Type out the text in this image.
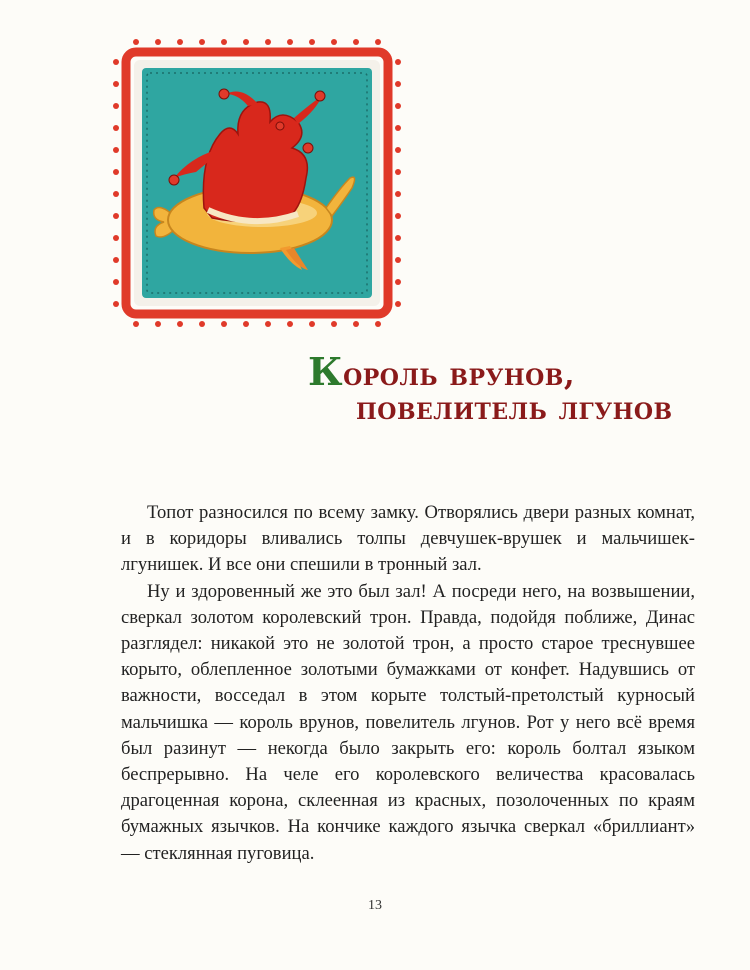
Король врунов,
повелитель лгунов

Топот разносился по всему замку. Отворялись двери разных комнат, и в коридоры вливались толпы девчушек-врушек и мальчишек-лгунишек. И все они спешили в тронный зал.

Ну и здоровенный же это был зал! А посреди него, на возвышении, сверкал золотом королевский трон. Правда, подойдя поближе, Динас разглядел: никакой это не золотой трон, а просто старое треснувшее корыто, облепленное золотыми бумажками от конфет. Надувшись от важности, восседал в этом корыте толстый-претолстый курносый мальчишка — король врунов, повелитель лгунов. Рот у него всё время был разинут — некогда было закрыть его: король болтал языком беспрерывно. На челе его королевского величества красовалась драгоценная корона, склеенная из красных, позолоченных по краям бумажных язычков. На кончике каждого язычка сверкал «бриллиант» — стеклянная пуговица.

13
